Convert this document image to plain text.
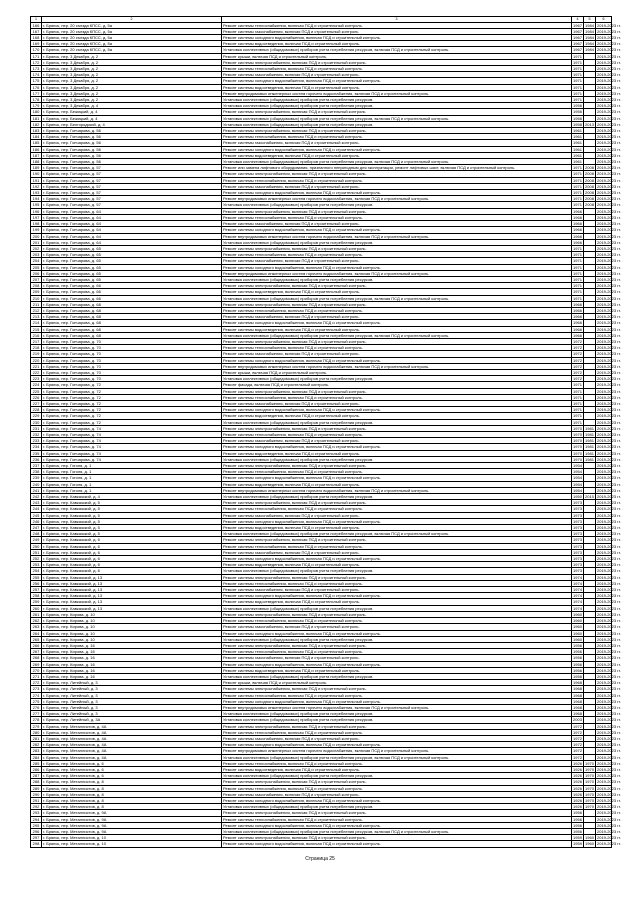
1	2	3	4	5	6
166	г. Брянск, пер. 20 съезда КПСС, д. 5а	Ремонт системы теплоснабжения, включая ПСД и строительный контроль.	1967	1984	2019-2023 гг.
167	г. Брянск, пер. 20 съезда КПСС, д. 5а	Ремонт системы газоснабжения, включая ПСД и строительный контроль	1967	1984	2019-2023 гг.
168	г. Брянск, пер. 20 съезда КПСС, д. 5а	Ремонт системы холодного водоснабжения, включая ПСД и строительный контроль.	1967	1984	2019-2023 гг.
169	г. Брянск, пер. 20 съезда КПСС, д. 5а	Ремонт системы водоотведения, включая ПСД и строительный контроль.	1967	1984	2019-2023 гг.
170	г. Брянск, пер. 20 съезда КПСС, д. 5а	Установка коллективных (общедомовых) приборов учета потребления ресурсов, включая ПСД и строительный контроль.	1967	1984	2019-2023 гг.
171	г. Брянск, пер. 3 Декабря, д. 2	Ремонт крыши, включая ПСД и строительный контроль.	1971		2019-2023 гг.
172	г. Брянск, пер. 3 Декабря, д. 2	Ремонт системы электроснабжения, включая ПСД и строительный контроль.	1971		2019-2023 гг.
173	г. Брянск, пер. 3 Декабря, д. 2	Ремонт системы теплоснабжения, включая ПСД и строительный контроль.	1971		2019-2023 гг.
174	г. Брянск, пер. 3 Декабря, д. 2	Ремонт системы газоснабжения, включая ПСД и строительный контроль.	1971		2019-2023 гг.
175	г. Брянск, пер. 3 Декабря, д. 2	Ремонт системы холодного водоснабжения, включая ПСД и строительный контроль.	1971		2019-2023 гг.
176	г. Брянск, пер. 3 Декабря, д. 2	Ремонт системы водоотведения, включая ПСД и строительный контроль.	1971		2019-2023 гг.
177	г. Брянск, пер. 3 Декабря, д. 2	Ремонт внутридомовых инженерных систем горячего водоснабжения, включая ПСД и строительный контроль.	1971		2019-2023 гг.
178	г. Брянск, пер. 3 Декабря, д. 2	Установка коллективных (общедомовых) приборов учета потребления ресурсов.	1971		2019-2023 гг.
179	г. Брянск, пер. 3 Декабря, д. 4	Установка коллективных (общедомовых) приборов учета потребления ресурсов.	1956		2019-2023 гг.
180	г. Брянск, пер. Бежицкий, д. 4	Ремонт системы электроснабжения, включая ПСД и строительный контроль	1956		2019-2023 гг.
181	г. Брянск, пер. Бежицкий, д. 4	Установка коллективных (общедомовых) приборов учета потребления ресурсов, включая ПСД и строительный контроль.	1956		2019-2023 гг.
182	г. Брянск, пер. Белгородский, д. 4	Установка коллективных (общедомовых) приборов учета потребления ресурсов.	1958	2013	2019-2023 гг.
183	г. Брянск, пер. Гончарова, д. 56	Ремонт системы электроснабжения, включая ПСД и строительный контроль.	1961		2019-2023 гг.
184	г. Брянск, пер. Гончарова, д. 56	Ремонт системы теплоснабжения, включая ПСД и строительный контроль.	1961		2019-2023 гг.
185	г. Брянск, пер. Гончарова, д. 56	Ремонт системы газоснабжения, включая ПСД и строительный контроль.	1961		2019-2023 гг.
186	г. Брянск, пер. Гончарова, д. 56	Ремонт системы холодного водоснабжения, включая ПСД и строительный контроль.	1961		2019-2023 гг.
187	г. Брянск, пер. Гончарова, д. 56	Ремонт системы водоотведения, включая ПСД и строительный контроль.	1961		2019-2023 гг.
188	г. Брянск, пер. Гончарова, д. 56	Установка коллективных (общедомовых) приборов учета потребления ресурсов, включая ПСД и строительный контроль.	1961		2019-2023 гг.
189	г. Брянск, пер. Гончарова, д. 57	Ремонт или замена лифтового оборудования, признанного непригодным для эксплуатации, ремонт лифтовых шахт, включая ПСД и строительный контроль.	1971	2008	2019-2023 гг.
190	г. Брянск, пер. Гончарова, д. 57	Ремонт системы электроснабжения, включая ПСД и строительный контроль.	1971	2008	2019-2023 гг.
191	г. Брянск, пер. Гончарова, д. 57	Ремонт системы теплоснабжения, включая ПСД и строительный контроль.	1971	2008	2019-2023 гг.
192	г. Брянск, пер. Гончарова, д. 57	Ремонт системы газоснабжения, включая ПСД и строительный контроль.	1971	2008	2019-2023 гг.
193	г. Брянск, пер. Гончарова, д. 57	Ремонт системы холодного водоснабжения, включая ПСД и строительный контроль.	1971	2008	2019-2023 гг.
194	г. Брянск, пер. Гончарова, д. 57	Ремонт внутридомовых инженерных систем горячего водоснабжения, включая ПСД и строительный контроль.	1971	2008	2019-2023 гг.
195	г. Брянск, пер. Гончарова, д. 57	Установка коллективных (общедомовых) приборов учета потребления ресурсов.	1971	2008	2019-2023 гг.
196	г. Брянск, пер. Гончарова, д. 64	Ремонт системы электроснабжения, включая ПСД и строительный контроль.	1966		2019-2023 гг.
197	г. Брянск, пер. Гончарова, д. 64	Ремонт системы теплоснабжения, включая ПСД и строительный контроль.	1966		2019-2023 гг.
198	г. Брянск, пер. Гончарова, д. 64	Ремонт системы газоснабжения, включая ПСД и строительный контроль.	1966		2019-2023 гг.
199	г. Брянск, пер. Гончарова, д. 64	Ремонт системы холодного водоснабжения, включая ПСД и строительный контроль.	1966		2019-2023 гг.
200	г. Брянск, пер. Гончарова, д. 64	Ремонт внутридомовых инженерных систем горячего водоснабжения, включая ПСД и строительный контроль.	1966		2019-2023 гг.
201	г. Брянск, пер. Гончарова, д. 64	Установка коллективных (общедомовых) приборов учета потребления ресурсов.	1966		2019-2023 гг.
202	г. Брянск, пер. Гончарова, д. 65	Ремонт системы электроснабжения, включая ПСД и строительный контроль.	1971		2019-2023 гг.
203	г. Брянск, пер. Гончарова, д. 65	Ремонт системы теплоснабжения, включая ПСД и строительный контроль.	1971		2019-2023 гг.
204	г. Брянск, пер. Гончарова, д. 65	Ремонт системы газоснабжения, включая ПСД и строительный контроль.	1971		2019-2023 гг.
205	г. Брянск, пер. Гончарова, д. 65	Ремонт системы холодного водоснабжения, включая ПСД и строительный контроль.	1971		2019-2023 гг.
206	г. Брянск, пер. Гончарова, д. 65	Ремонт внутридомовых инженерных систем горячего водоснабжения, включая ПСД и строительный контроль.	1971		2019-2023 гг.
207	г. Брянск, пер. Гончарова, д. 65	Установка коллективных (общедомовых) приборов учета потребления ресурсов.	1971		2019-2023 гг.
208	г. Брянск, пер. Гончарова, д. 66	Ремонт системы электроснабжения, включая ПСД и строительный контроль.	1971		2019-2023 гг.
209	г. Брянск, пер. Гончарова, д. 66	Ремонт системы водоотведения, включая ПСД и строительный контроль.	1971		2019-2023 гг.
210	г. Брянск, пер. Гончарова, д. 66	Установка коллективных (общедомовых) приборов учета потребления ресурсов, включая ПСД и строительный контроль.	1971		2019-2023 гг.
211	г. Брянск, пер. Гончарова, д. 68	Ремонт системы электроснабжения, включая ПСД и строительный контроль.	1966		2019-2023 гг.
212	г. Брянск, пер. Гончарова, д. 68	Ремонт системы теплоснабжения, включая ПСД и строительный контроль.	1966		2019-2023 гг.
213	г. Брянск, пер. Гончарова, д. 68	Ремонт системы газоснабжения, включая ПСД и строительный контроль.	1966		2019-2023 гг.
214	г. Брянск, пер. Гончарова, д. 68	Ремонт системы холодного водоснабжения, включая ПСД и строительный контроль.	1966		2019-2023 гг.
215	г. Брянск, пер. Гончарова, д. 68	Ремонт системы водоотведения, включая ПСД и строительный контроль.	1966		2019-2023 гг.
216	г. Брянск, пер. Гончарова, д. 68	Установка коллективных (общедомовых) приборов учета потребления ресурсов, включая ПСД и строительный контроль.	1966		2019-2023 гг.
217	г. Брянск, пер. Гончарова, д. 70	Ремонт системы электроснабжения, включая ПСД и строительный контроль.	1972		2019-2023 гг.
218	г. Брянск, пер. Гончарова, д. 70	Ремонт системы теплоснабжения, включая ПСД и строительный контроль.	1972		2019-2023 гг.
219	г. Брянск, пер. Гончарова, д. 70	Ремонт системы газоснабжения, включая ПСД и строительный контроль.	1972		2019-2023 гг.
220	г. Брянск, пер. Гончарова, д. 70	Ремонт системы холодного водоснабжения, включая ПСД и строительный контроль.	1972		2019-2023 гг.
221	г. Брянск, пер. Гончарова, д. 70	Ремонт внутридомовых инженерных систем горячего водоснабжения, включая ПСД и строительный контроль.	1972		2019-2023 гг.
222	г. Брянск, пер. Гончарова, д. 70	Ремонт крыши, включая ПСД и строительный контроль.	1972		2019-2023 гг.
223	г. Брянск, пер. Гончарова, д. 70	Установка коллективных (общедомовых) приборов учета потребления ресурсов.	1972		2019-2023 гг.
224	г. Брянск, пер. Гончарова, д. 72	Ремонт фасада, включая ПСД и строительный контроль.	1971		2019-2023 гг.
225	г. Брянск, пер. Гончарова, д. 72	Ремонт системы электроснабжения, включая ПСД и строительный контроль.	1971		2019-2023 гг.
226	г. Брянск, пер. Гончарова, д. 72	Ремонт системы теплоснабжения, включая ПСД и строительный контроль.	1971		2019-2023 гг.
227	г. Брянск, пер. Гончарова, д. 72	Ремонт системы газоснабжения, включая ПСД и строительный контроль.	1971		2019-2023 гг.
228	г. Брянск, пер. Гончарова, д. 72	Ремонт системы холодного водоснабжения, включая ПСД и строительный контроль.	1971		2019-2023 гг.
229	г. Брянск, пер. Гончарова, д. 72	Ремонт системы водоотведения, включая ПСД и строительный контроль.	1971		2019-2023 гг.
230	г. Брянск, пер. Гончарова, д. 72	Установка коллективных (общедомовых) приборов учета потребления ресурсов.	1971		2019-2023 гг.
231	г. Брянск, пер. Гончарова, д. 74	Ремонт системы электроснабжения, включая ПСД и строительный контроль.	1970	1981	2019-2023 гг.
232	г. Брянск, пер. Гончарова, д. 74	Ремонт системы теплоснабжения, включая ПСД и строительный контроль.	1970	1981	2019-2023 гг.
233	г. Брянск, пер. Гончарова, д. 74	Ремонт системы газоснабжения, включая ПСД и строительный контроль.	1970	1981	2019-2023 гг.
234	г. Брянск, пер. Гончарова, д. 74	Ремонт системы холодного водоснабжения, включая ПСД и строительный контроль.	1970	1981	2019-2023 гг.
235	г. Брянск, пер. Гончарова, д. 74	Ремонт системы водоотведения, включая ПСД и строительный контроль.	1970	1981	2019-2023 гг.
236	г. Брянск, пер. Гончарова, д. 74	Установка коллективных (общедомовых) приборов учета потребления ресурсов.	1970	1981	2019-2023 гг.
237	г. Брянск, пер. Гоголя, д. 1	Ремонт системы электроснабжения, включая ПСД и строительный контроль.	1954		2019-2023 гг.
238	г. Брянск, пер. Гоголя, д. 1	Ремонт системы теплоснабжения, включая ПСД и строительный контроль.	1954		2019-2023 гг.
239	г. Брянск, пер. Гоголя, д. 1	Ремонт системы холодного водоснабжения, включая ПСД и строительный контроль.	1954		2019-2023 гг.
240	г. Брянск, пер. Гоголя, д. 1	Ремонт системы водоотведения, включая ПСД и строительный контроль.	1954		2019-2023 гг.
241	г. Брянск, пер. Гоголя, д. 1	Ремонт внутридомовых инженерных систем горячего водоснабжения, включая ПСД и строительный контроль.	1954		2019-2023 гг.
242	г. Брянск, пер. Кавказский, д. 4	Установка коллективных (общедомовых) приборов учета потребления ресурсов.	1950	2010	2019-2023 гг.
243	г. Брянск, пер. Кавказский, д. 5	Ремонт системы электроснабжения, включая ПСД и строительный контроль.	1973		2019-2023 гг.
244	г. Брянск, пер. Кавказский, д. 5	Ремонт системы теплоснабжения, включая ПСД и строительный контроль.	1973		2019-2023 гг.
245	г. Брянск, пер. Кавказский, д. 5	Ремонт системы газоснабжения, включая ПСД и строительный контроль.	1973		2019-2023 гг.
246	г. Брянск, пер. Кавказский, д. 5	Ремонт системы холодного водоснабжения, включая ПСД и строительный контроль.	1973		2019-2023 гг.
247	г. Брянск, пер. Кавказский, д. 5	Ремонт системы водоотведения, включая ПСД и строительный контроль.	1973		2019-2023 гг.
248	г. Брянск, пер. Кавказский, д. 5	Установка коллективных (общедомовых) приборов учета потребления ресурсов, включая ПСД и строительный контроль.	1973		2019-2023 гг.
249	г. Брянск, пер. Кавказский, д. 6	Ремонт системы электроснабжения, включая ПСД и строительный контроль.	1973		2019-2023 гг.
250	г. Брянск, пер. Кавказский, д. 6	Ремонт системы теплоснабжения, включая ПСД и строительный контроль.	1973		2019-2023 гг.
251	г. Брянск, пер. Кавказский, д. 6	Ремонт системы газоснабжения, включая ПСД и строительный контроль.	1973		2019-2023 гг.
252	г. Брянск, пер. Кавказский, д. 6	Ремонт системы холодного водоснабжения, включая ПСД и строительный контроль.	1973		2019-2023 гг.
253	г. Брянск, пер. Кавказский, д. 6	Ремонт системы водоотведения, включая ПСД и строительный контроль.	1973		2019-2023 гг.
254	г. Брянск, пер. Кавказский, д. 6	Установка коллективных (общедомовых) приборов учета потребления ресурсов.	1973		2019-2023 гг.
255	г. Брянск, пер. Кавказский, д. 13	Ремонт системы электроснабжения, включая ПСД и строительный контроль.	1974		2019-2023 гг.
256	г. Брянск, пер. Кавказский, д. 13	Ремонт системы теплоснабжения, включая ПСД и строительный контроль.	1974		2019-2023 гг.
257	г. Брянск, пер. Кавказский, д. 13	Ремонт системы газоснабжения, включая ПСД и строительный контроль.	1974		2019-2023 гг.
258	г. Брянск, пер. Кавказский, д. 13	Ремонт системы холодного водоснабжения, включая ПСД и строительный контроль.	1974		2019-2023 гг.
259	г. Брянск, пер. Кавказский, д. 13	Ремонт системы водоотведения, включая ПСД и строительный контроль.	1974		2019-2023 гг.
260	г. Брянск, пер. Кавказский, д. 13	Установка коллективных (общедомовых) приборов учета потребления ресурсов.	1974		2019-2023 гг.
261	г. Брянск, пер. Кирова, д. 10	Ремонт системы электроснабжения, включая ПСД и строительный контроль.	1960		2019-2023 гг.
262	г. Брянск, пер. Кирова, д. 10	Ремонт системы теплоснабжения, включая ПСД и строительный контроль.	1960		2019-2023 гг.
263	г. Брянск, пер. Кирова, д. 10	Ремонт системы газоснабжения, включая ПСД и строительный контроль.	1960		2019-2023 гг.
264	г. Брянск, пер. Кирова, д. 10	Ремонт системы холодного водоснабжения, включая ПСД и строительный контроль.	1960		2019-2023 гг.
265	г. Брянск, пер. Кирова, д. 10	Установка коллективных (общедомовых) приборов учета потребления ресурсов.	1960		2019-2023 гг.
266	г. Брянск, пер. Кирова, д. 16	Ремонт системы электроснабжения, включая ПСД и строительный контроль.	1956		2019-2023 гг.
267	г. Брянск, пер. Кирова, д. 16	Ремонт системы теплоснабжения, включая ПСД и строительный контроль.	1956		2019-2023 гг.
268	г. Брянск, пер. Кирова, д. 16	Ремонт системы газоснабжения, включая ПСД и строительный контроль.	1956		2019-2023 гг.
269	г. Брянск, пер. Кирова, д. 16	Ремонт системы холодного водоснабжения, включая ПСД и строительный контроль.	1956		2019-2023 гг.
270	г. Брянск, пер. Кирова, д. 16	Ремонт системы водоотведения, включая ПСД и строительный контроль.	1956		2019-2023 гг.
271	г. Брянск, пер. Кирова, д. 16	Установка коллективных (общедомовых) приборов учета потребления ресурсов.	1956		2019-2023 гг.
272	г. Брянск, пер. Литейный, д. 3	Ремонт крыши, включая ПСД и строительный контроль.	1968		2019-2023 гг.
273	г. Брянск, пер. Литейный, д. 3	Ремонт системы электроснабжения, включая ПСД и строительный контроль.	1968		2019-2023 гг.
274	г. Брянск, пер. Литейный, д. 3	Ремонт системы теплоснабжения, включая ПСД и строительный контроль.	1968		2019-2023 гг.
275	г. Брянск, пер. Литейный, д. 3	Ремонт системы холодного водоснабжения, включая ПСД и строительный контроль.	1968		2019-2023 гг.
276	г. Брянск, пер. Литейный, д. 3	Ремонт внутридомовых инженерных систем горячего водоснабжения, включая ПСД и строительный контроль.	1968		2019-2023 гг.
277	г. Брянск, пер. Литейный, д. 3	Установка коллективных (общедомовых) приборов учета потребления ресурсов.	1968		2019-2023 гг.
278	г. Брянск, пер. Литейный, д. 3А	Установка коллективных (общедомовых) приборов учета потребления ресурсов.	2003		2019-2023 гг.
279	г. Брянск, пер. Металлистов, д. 4А	Ремонт системы электроснабжения, включая ПСД и строительный контроль.	1972		2019-2023 гг.
280	г. Брянск, пер. Металлистов, д. 4А	Ремонт системы теплоснабжения, включая ПСД и строительный контроль.	1972		2019-2023 гг.
281	г. Брянск, пер. Металлистов, д. 4А	Ремонт системы газоснабжения, включая ПСД и строительный контроль.	1972		2019-2023 гг.
282	г. Брянск, пер. Металлистов, д. 4А	Ремонт системы холодного водоснабжения, включая ПСД и строительный контроль.	1972		2019-2023 гг.
283	г. Брянск, пер. Металлистов, д. 4А	Ремонт внутридомовых инженерных систем горячего водоснабжения, включая ПСД и строительный контроль.	1972		2019-2023 гг.
284	г. Брянск, пер. Металлистов, д. 4А	Установка коллективных (общедомовых) приборов учета потребления ресурсов, включая ПСД и строительный контроль.	1972		2019-2023 гг.
285	г. Брянск, пер. Металлистов, д. 6	Ремонт системы теплоснабжения, включая ПСД и строительный контроль.	1926	1970	2019-2023 гг.
286	г. Брянск, пер. Металлистов, д. 6	Ремонт системы водоотведения, включая ПСД и строительный контроль.	1926	1970	2019-2023 гг.
287	г. Брянск, пер. Металлистов, д. 6	Установка коллективных (общедомовых) приборов учета потребления ресурсов.	1926	1970	2019-2023 гг.
288	г. Брянск, пер. Металлистов, д. 8	Ремонт системы электроснабжения, включая ПСД и строительный контроль.	1926	1970	2019-2023 гг.
289	г. Брянск, пер. Металлистов, д. 8	Ремонт системы теплоснабжения, включая ПСД и строительный контроль.	1926	1970	2019-2023 гг.
290	г. Брянск, пер. Металлистов, д. 8	Ремонт системы газоснабжения, включая ПСД и строительный контроль.	1926	1970	2019-2023 гг.
291	г. Брянск, пер. Металлистов, д. 8	Ремонт системы холодного водоснабжения, включая ПСД и строительный контроль.	1926	1970	2019-2023 гг.
292	г. Брянск, пер. Металлистов, д. 8	Установка коллективных (общедомовых) приборов учета потребления ресурсов.	1926	1970	2019-2023 гг.
293	г. Брянск, пер. Металлистов, д. 9А	Ремонт системы электроснабжения, включая ПСД и строительный контроль.	1956		2019-2023 гг.
294	г. Брянск, пер. Металлистов, д. 9А	Ремонт системы теплоснабжения, включая ПСД и строительный контроль.	1956		2019-2023 гг.
295	г. Брянск, пер. Металлистов, д. 9А	Ремонт системы холодного водоснабжения, включая ПСД и строительный контроль.	1956		2019-2023 гг.
296	г. Брянск, пер. Металлистов, д. 9А	Установка коллективных (общедомовых) приборов учета потребления ресурсов, включая ПСД и строительный контроль.	1956		2019-2023 гг.
297	г. Брянск, пер. Металлистов, д. 10	Ремонт системы электроснабжения, включая ПСД и строительный контроль.	1959	1960	2019-2023 гг.
298	г. Брянск, пер. Металлистов, д. 10	Ремонт системы холодного водоснабжения, включая ПСД и строительный контроль.	1959	1960	2019-2023 гг.
Страница 25
